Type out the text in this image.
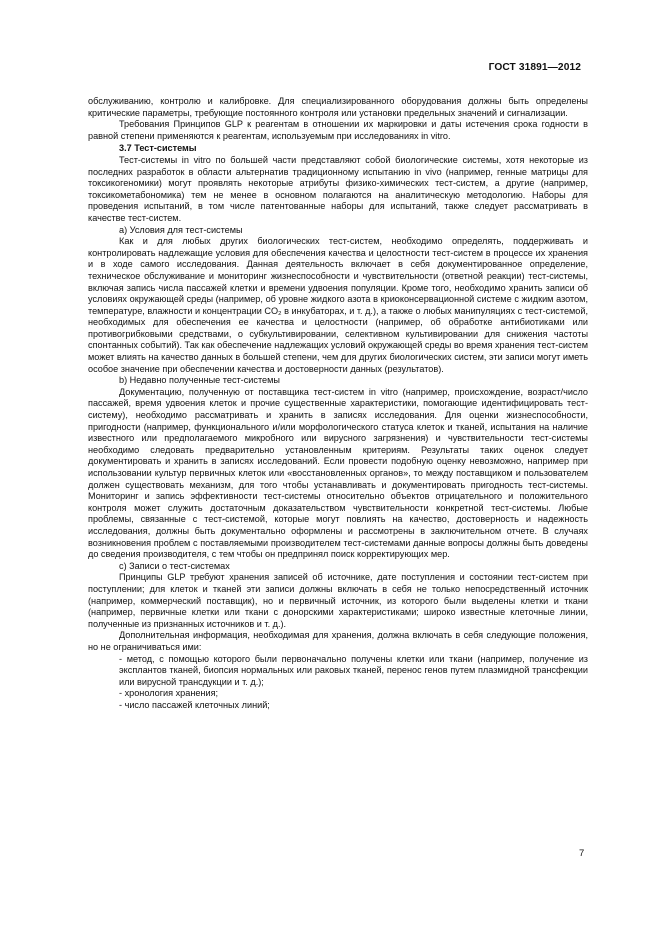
ГОСТ 31891—2012

обслуживанию, контролю и калибровке. Для специализированного оборудования должны быть определены критические параметры, требующие постоянного контроля или установки предельных значений и сигнализации.

Требования Принципов GLP к реагентам в отношении их маркировки и даты истечения срока годности в равной степени применяются к реагентам, используемым при исследованиях in vitro.

3.7 Тест-системы

Тест-системы in vitro по большей части представляют собой биологические системы, хотя некоторые из последних разработок в области альтернатив традиционному испытанию in vivo (например, генные матрицы для токсикогеномики) могут проявлять некоторые атрибуты физико-химических тест-систем, а другие (например, токсикометабономика) тем не менее в основном полагаются на аналитическую методологию. Наборы для проведения испытаний, в том числе патентованные наборы для испытаний, также следует рассматривать в качестве тест-систем.

a) Условия для тест-системы

Как и для любых других биологических тест-систем, необходимо определять, поддерживать и контролировать надлежащие условия для обеспечения качества и целостности тест-систем в процессе их хранения и в ходе самого исследования. Данная деятельность включает в себя документированное определение, техническое обслуживание и мониторинг жизнеспособности и чувствительности (ответной реакции) тест-системы, включая запись числа пассажей клетки и времени удвоения популяции. Кроме того, необходимо хранить записи об условиях окружающей среды (например, об уровне жидкого азота в криоконсервационной системе с жидким азотом, температуре, влажности и концентрации CO₂ в инкубаторах, и т. д.), а также о любых манипуляциях с тест-системой, необходимых для обеспечения ее качества и целостности (например, об обработке антибиотиками или противогрибковыми средствами, о субкультивировании, селективном культивировании для снижения частоты спонтанных событий). Так как обеспечение надлежащих условий окружающей среды во время хранения тест-систем может влиять на качество данных в большей степени, чем для других биологических систем, эти записи могут иметь особое значение при обеспечении качества и достоверности данных (результатов).

b) Недавно полученные тест-системы

Документацию, полученную от поставщика тест-систем in vitro (например, происхождение, возраст/число пассажей, время удвоения клеток и прочие существенные характеристики, помогающие идентифицировать тест-систему), необходимо рассматривать и хранить в записях исследования. Для оценки жизнеспособности, пригодности (например, функционального и/или морфологического статуса клеток и тканей, испытания на наличие известного или предполагаемого микробного или вирусного загрязнения) и чувствительности тест-системы необходимо следовать предварительно установленным критериям. Результаты таких оценок следует документировать и хранить в записях исследований. Если провести подобную оценку невозможно, например при использовании культур первичных клеток или «восстановленных органов», то между поставщиком и пользователем должен существовать механизм, для того чтобы устанавливать и документировать пригодность тест-системы. Мониторинг и запись эффективности тест-системы относительно объектов отрицательного и положительного контроля может служить достаточным доказательством чувствительности конкретной тест-системы. Любые проблемы, связанные с тест-системой, которые могут повлиять на качество, достоверность и надежность исследования, должны быть документально оформлены и рассмотрены в заключительном отчете. В случаях возникновения проблем с поставляемыми производителем тест-системами данные вопросы должны быть доведены до сведения производителя, с тем чтобы он предпринял поиск корректирующих мер.

c) Записи о тест-системах

Принципы GLP требуют хранения записей об источнике, дате поступления и состоянии тест-систем при поступлении; для клеток и тканей эти записи должны включать в себя не только непосредственный источник (например, коммерческий поставщик), но и первичный источник, из которого были выделены клетки и ткани (например, первичные клетки или ткани с донорскими характеристиками; широко известные клеточные линии, полученные из признанных источников и т. д.).

Дополнительная информация, необходимая для хранения, должна включать в себя следующие положения, но не ограничиваться ими:

- метод, с помощью которого были первоначально получены клетки или ткани (например, получение из эксплантов тканей, биопсия нормальных или раковых тканей, перенос генов путем плазмидной трансфекции или вирусной трансдукции и т. д.);

- хронология хранения;

- число пассажей клеточных линий;

7
